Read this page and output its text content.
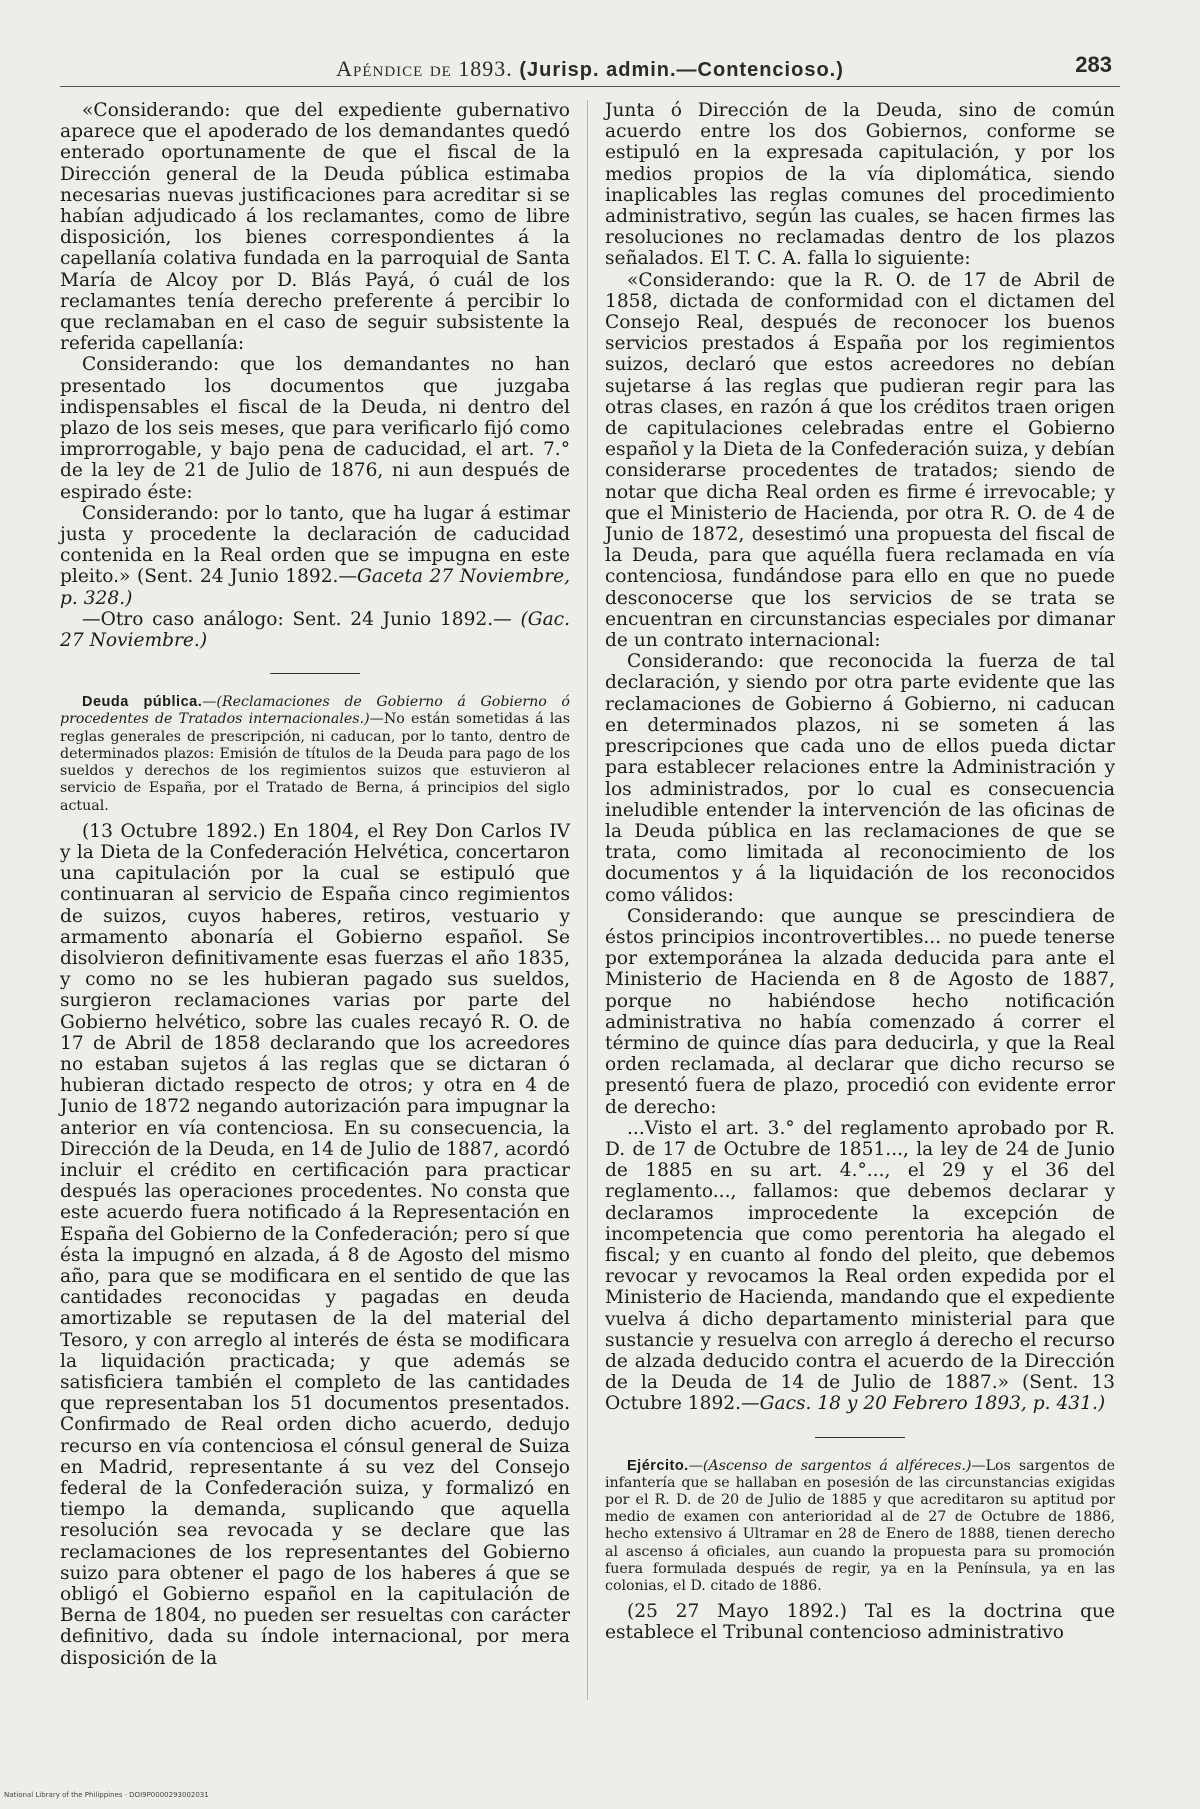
Apéndice de 1893. (Jurisp. admin.—Contencioso.)	283

«Considerando: que del expediente gubernativo aparece que el apoderado de los demandantes quedó enterado oportunamente de que el fiscal de la Dirección general de la Deuda pública estimaba necesarias nuevas justificaciones para acreditar si se habían adjudicado á los reclamantes, como de libre disposición, los bienes correspondientes á la capellanía colativa fundada en la parroquial de Santa María de Alcoy por D. Blás Payá, ó cuál de los reclamantes tenía derecho preferente á percibir lo que reclamaban en el caso de seguir subsistente la referida capellanía:

Considerando: que los demandantes no han presentado los documentos que juzgaba indispensables el fiscal de la Deuda, ni dentro del plazo de los seis meses, que para verificarlo fijó como improrrogable, y bajo pena de caducidad, el art. 7.° de la ley de 21 de Julio de 1876, ni aun después de espirado éste:

Considerando: por lo tanto, que ha lugar á estimar justa y procedente la declaración de caducidad contenida en la Real orden que se impugna en este pleito.» (Sent. 24 Junio 1892.—Gaceta 27 Noviembre, p. 328.)

—Otro caso análogo: Sent. 24 Junio 1892.— (Gac. 27 Noviembre.)

Deuda pública.—(Reclamaciones de Gobierno á Gobierno ó procedentes de Tratados internacionales.)—No están sometidas á las reglas generales de prescripción, ni caducan, por lo tanto, dentro de determinados plazos: Emisión de títulos de la Deuda para pago de los sueldos y derechos de los regimientos suizos que estuvieron al servicio de España, por el Tratado de Berna, á principios del siglo actual.

(13 Octubre 1892.) En 1804, el Rey Don Carlos IV y la Dieta de la Confederación Helvética, concertaron una capitulación por la cual se estipuló que continuaran al servicio de España cinco regimientos de suizos, cuyos haberes, retiros, vestuario y armamento abonaría el Gobierno español. Se disolvieron definitivamente esas fuerzas el año 1835, y como no se les hubieran pagado sus sueldos, surgieron reclamaciones varias por parte del Gobierno helvético, sobre las cuales recayó R. O. de 17 de Abril de 1858 declarando que los acreedores no estaban sujetos á las reglas que se dictaran ó hubieran dictado respecto de otros; y otra en 4 de Junio de 1872 negando autorización para impugnar la anterior en vía contenciosa. En su consecuencia, la Dirección de la Deuda, en 14 de Julio de 1887, acordó incluir el crédito en certificación para practicar después las operaciones procedentes. No consta que este acuerdo fuera notificado á la Representación en España del Gobierno de la Confederación; pero sí que ésta la impugnó en alzada, á 8 de Agosto del mismo año, para que se modificara en el sentido de que las cantidades reconocidas y pagadas en deuda amortizable se reputasen de la del material del Tesoro, y con arreglo al interés de ésta se modificara la liquidación practicada; y que además se satisficiera también el completo de las cantidades que representaban los 51 documentos presentados. Confirmado de Real orden dicho acuerdo, dedujo recurso en vía contenciosa el cónsul general de Suiza en Madrid, representante á su vez del Consejo federal de la Confederación suiza, y formalizó en tiempo la demanda, suplicando que aquella resolución sea revocada y se declare que las reclamaciones de los representantes del Gobierno suizo para obtener el pago de los haberes á que se obligó el Gobierno español en la capitulación de Berna de 1804, no pueden ser resueltas con carácter definitivo, dada su índole internacional, por mera disposición de la

Junta ó Dirección de la Deuda, sino de común acuerdo entre los dos Gobiernos, conforme se estipuló en la expresada capitulación, y por los medios propios de la vía diplomática, siendo inaplicables las reglas comunes del procedimiento administrativo, según las cuales, se hacen firmes las resoluciones no reclamadas dentro de los plazos señalados. El T. C. A. falla lo siguiente:

«Considerando: que la R. O. de 17 de Abril de 1858, dictada de conformidad con el dictamen del Consejo Real, después de reconocer los buenos servicios prestados á España por los regimientos suizos, declaró que estos acreedores no debían sujetarse á las reglas que pudieran regir para las otras clases, en razón á que los créditos traen origen de capitulaciones celebradas entre el Gobierno español y la Dieta de la Confederación suiza, y debían considerarse procedentes de tratados; siendo de notar que dicha Real orden es firme é irrevocable; y que el Ministerio de Hacienda, por otra R. O. de 4 de Junio de 1872, desestimó una propuesta del fiscal de la Deuda, para que aquélla fuera reclamada en vía contenciosa, fundándose para ello en que no puede desconocerse que los servicios de se trata se encuentran en circunstancias especiales por dimanar de un contrato internacional:

Considerando: que reconocida la fuerza de tal declaración, y siendo por otra parte evidente que las reclamaciones de Gobierno á Gobierno, ni caducan en determinados plazos, ni se someten á las prescripciones que cada uno de ellos pueda dictar para establecer relaciones entre la Administración y los administrados, por lo cual es consecuencia ineludible entender la intervención de las oficinas de la Deuda pública en las reclamaciones de que se trata, como limitada al reconocimiento de los documentos y á la liquidación de los reconocidos como válidos:

Considerando: que aunque se prescindiera de éstos principios incontrovertibles... no puede tenerse por extemporánea la alzada deducida para ante el Ministerio de Hacienda en 8 de Agosto de 1887, porque no habiéndose hecho notificación administrativa no había comenzado á correr el término de quince días para deducirla, y que la Real orden reclamada, al declarar que dicho recurso se presentó fuera de plazo, procedió con evidente error de derecho:

...Visto el art. 3.° del reglamento aprobado por R. D. de 17 de Octubre de 1851..., la ley de 24 de Junio de 1885 en su art. 4.°..., el 29 y el 36 del reglamento..., fallamos: que debemos declarar y declaramos improcedente la excepción de incompetencia que como perentoria ha alegado el fiscal; y en cuanto al fondo del pleito, que debemos revocar y revocamos la Real orden expedida por el Ministerio de Hacienda, mandando que el expediente vuelva á dicho departamento ministerial para que sustancie y resuelva con arreglo á derecho el recurso de alzada deducido contra el acuerdo de la Dirección de la Deuda de 14 de Julio de 1887.» (Sent. 13 Octubre 1892.—Gacs. 18 y 20 Febrero 1893, p. 431.)

Ejército.—(Ascenso de sargentos á alféreces.)—Los sargentos de infantería que se hallaban en posesión de las circunstancias exigidas por el R. D. de 20 de Julio de 1885 y que acreditaron su aptitud por medio de examen con anterioridad al de 27 de Octubre de 1886, hecho extensivo á Ultramar en 28 de Enero de 1888, tienen derecho al ascenso á oficiales, aun cuando la propuesta para su promoción fuera formulada después de regir, ya en la Península, ya en las colonias, el D. citado de 1886.

(25 27 Mayo 1892.) Tal es la doctrina que establece el Tribunal contencioso administrativo

National Library of the Philippines · DOI9P0000293002031
